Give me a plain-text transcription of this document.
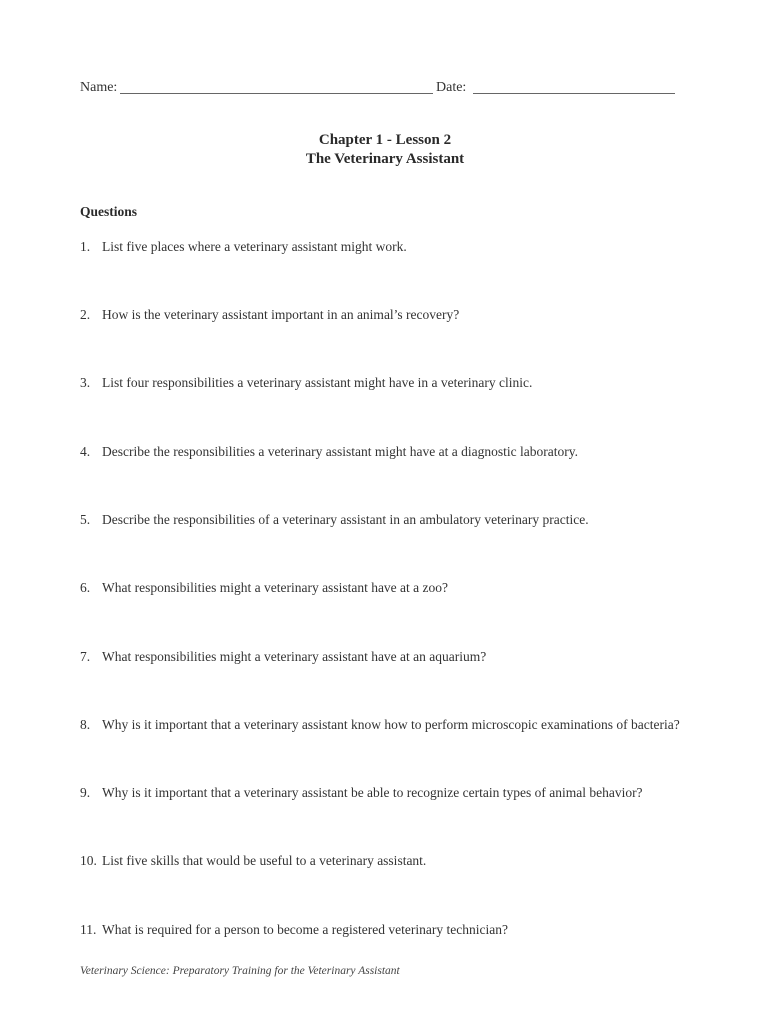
Name:	Date:
Chapter 1 - Lesson 2
The Veterinary Assistant
Questions
1. List five places where a veterinary assistant might work.
2. How is the veterinary assistant important in an animal’s recovery?
3. List four responsibilities a veterinary assistant might have in a veterinary clinic.
4. Describe the responsibilities a veterinary assistant might have at a diagnostic laboratory.
5. Describe the responsibilities of a veterinary assistant in an ambulatory veterinary practice.
6. What responsibilities might a veterinary assistant have at a zoo?
7. What responsibilities might a veterinary assistant have at an aquarium?
8. Why is it important that a veterinary assistant know how to perform microscopic examinations of bacteria?
9. Why is it important that a veterinary assistant be able to recognize certain types of animal behavior?
10. List five skills that would be useful to a veterinary assistant.
11. What is required for a person to become a registered veterinary technician?
Veterinary Science: Preparatory Training for the Veterinary Assistant
